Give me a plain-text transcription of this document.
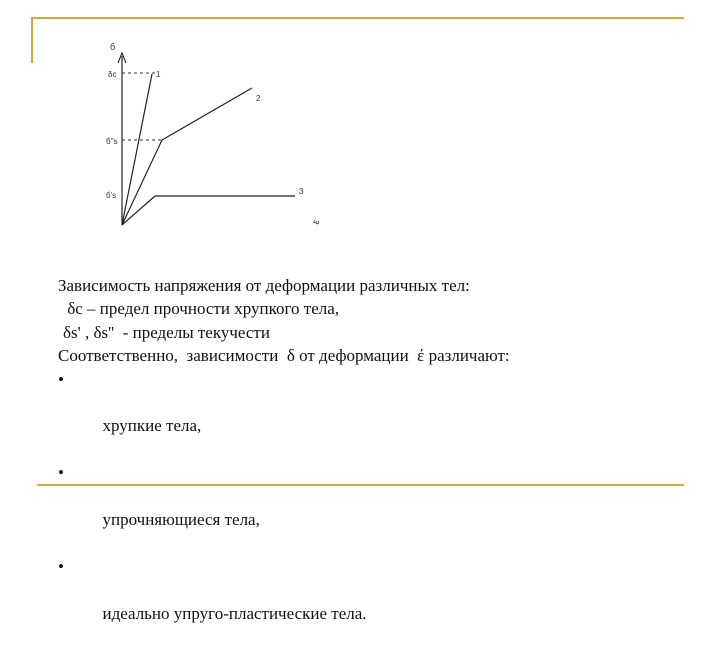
б
δc
б''s
б's
1
2
3
ε
Зависимость напряжения от деформации различных тел:
δc – предел прочности хрупкого тела,
δs' , δs''  - пределы текучести
Соответственно,  зависимости  δ от деформации  έ различают:

•

хрупкие тела,

•

упрочняющиеся тела,

•

идеально упруго-пластические тела.
